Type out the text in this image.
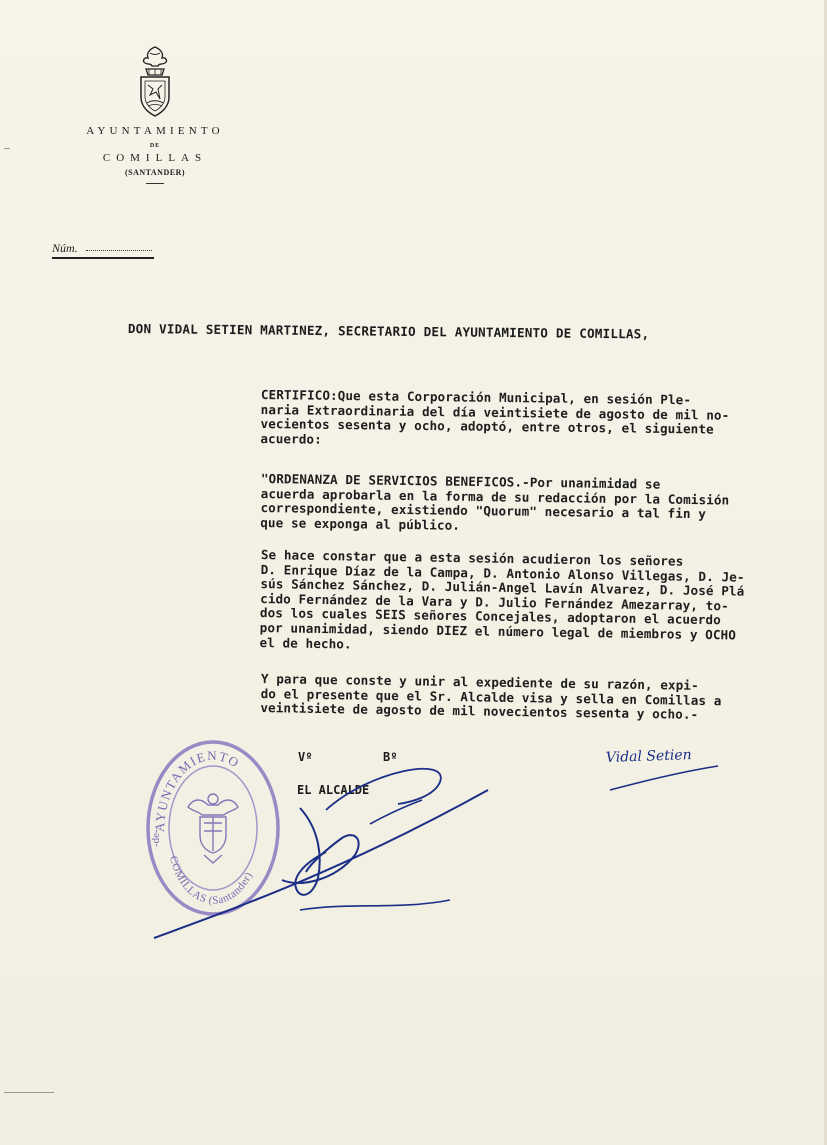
AYUNTAMIENTO
DE
COMILLAS
(SANTANDER)
Núm.
DON VIDAL SETIEN MARTINEZ, SECRETARIO DEL AYUNTAMIENTO DE COMILLAS,
CERTIFICO:Que esta Corporación Municipal, en sesión Ple-
naria Extraordinaria del día veintisiete de agosto de mil no-
vecientos sesenta y ocho, adoptó, entre otros, el siguiente
acuerdo:
"ORDENANZA DE SERVICIOS BENEFICOS.-Por unanimidad se
acuerda aprobarla en la forma de su redacción por la Comisión
correspondiente, existiendo "Quorum" necesario a tal fin y
que se exponga al público.
Se hace constar que a esta sesión acudieron los señores
D. Enrique Díaz de la Campa, D. Antonio Alonso Villegas, D. Je-
sús Sánchez Sánchez, D. Julián-Angel Lavín Alvarez, D. José Plá
cido Fernández de la Vara y D. Julio Fernández Amezarray, to-
dos los cuales SEIS señores Concejales, adoptaron el acuerdo
por unanimidad, siendo DIEZ el número legal de miembros y OCHO
el de hecho.
Y para que conste y unir al expediente de su razón, expi-
do el presente que el Sr. Alcalde visa y sella en Comillas a
veintisiete de agosto de mil novecientos sesenta y ocho.-
AYUNTAMIENTO
-de-
COMILLAS (Santander)
Vº	Bº
EL ALCALDE
Vidal Setien
